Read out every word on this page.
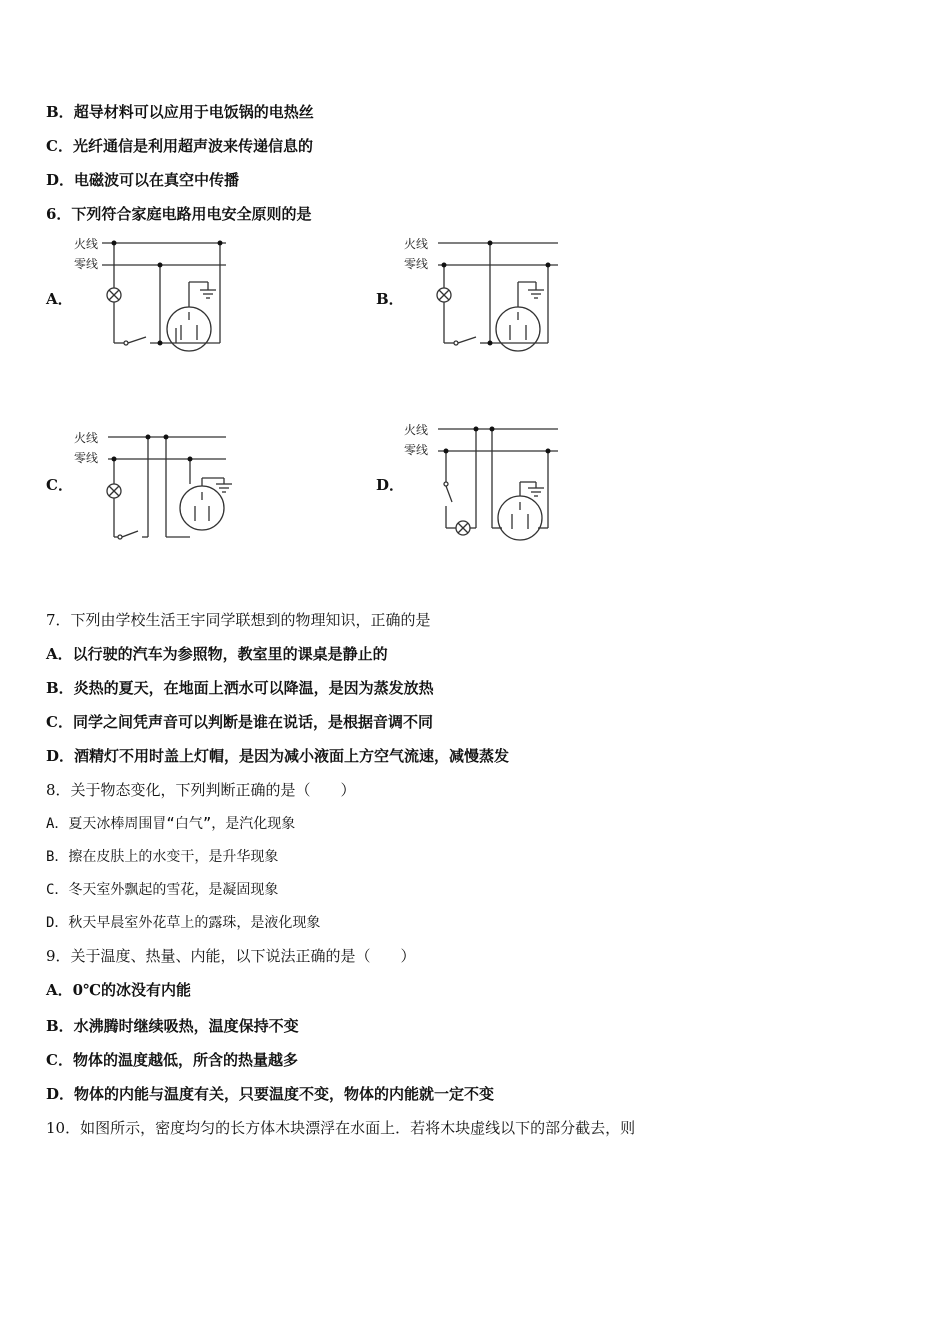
B．超导材料可以应用于电饭锅的电热丝
C．光纤通信是利用超声波来传递信息的
D．电磁波可以在真空中传播
6．下列符合家庭电路用电安全原则的是
A．	B．
C．	D．
火线
零线
火线
零线
火线
零线
火线
零线
7．下列由学校生活王宇同学联想到的物理知识，正确的是
A．以行驶的汽车为参照物，教室里的课桌是静止的
B．炎热的夏天，在地面上洒水可以降温，是因为蒸发放热
C．同学之间凭声音可以判断是谁在说话，是根据音调不同
D．酒精灯不用时盖上灯帽，是因为减小液面上方空气流速，减慢蒸发
8．关于物态变化，下列判断正确的是（　　）
A．夏天冰棒周围冒“白气”，是汽化现象
B．擦在皮肤上的水变干，是升华现象
C．冬天室外飘起的雪花，是凝固现象
D．秋天早晨室外花草上的露珠，是液化现象
9．关于温度、热量、内能，以下说法正确的是（　　）
A．0℃的冰没有内能
B．水沸腾时继续吸热，温度保持不变
C．物体的温度越低，所含的热量越多
D．物体的内能与温度有关，只要温度不变，物体的内能就一定不变
10．如图所示，密度均匀的长方体木块漂浮在水面上．若将木块虚线以下的部分截去，则
